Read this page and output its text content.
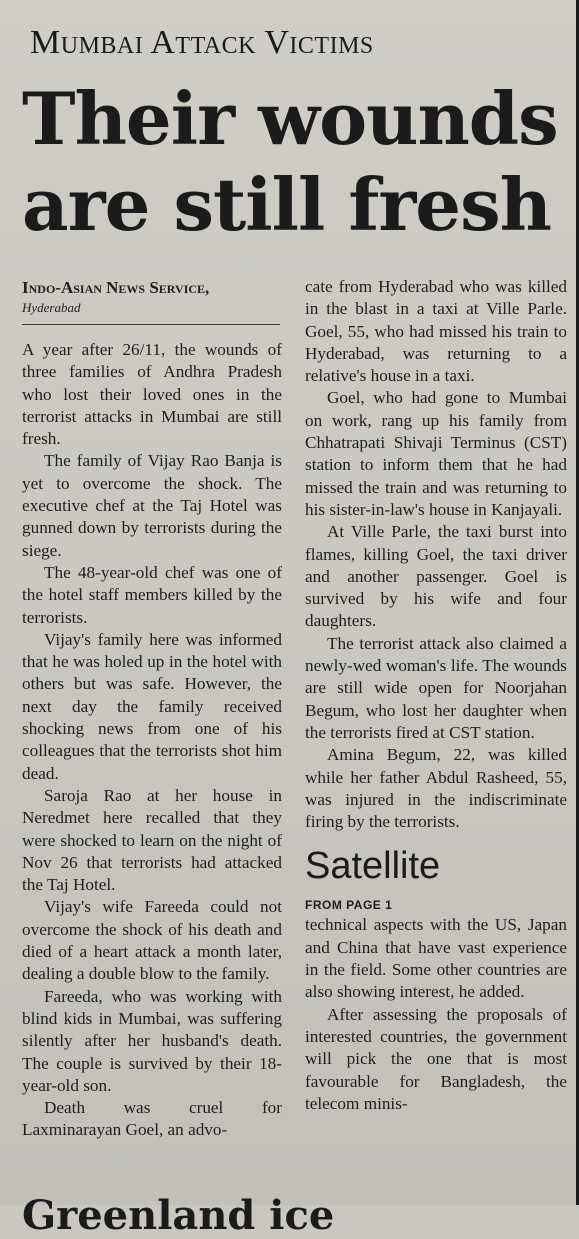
Mumbai Attack Victims
Their wounds are still fresh
Indo-Asian News Service,
Hyderabad

A year after 26/11, the wounds of three families of Andhra Pradesh who lost their loved ones in the terrorist attacks in Mumbai are still fresh.

The family of Vijay Rao Banja is yet to overcome the shock. The executive chef at the Taj Hotel was gunned down by terrorists during the siege.

The 48-year-old chef was one of the hotel staff members killed by the terrorists.

Vijay's family here was informed that he was holed up in the hotel with others but was safe. However, the next day the family received shocking news from one of his colleagues that the terrorists shot him dead.

Saroja Rao at her house in Neredmet here recalled that they were shocked to learn on the night of Nov 26 that terrorists had attacked the Taj Hotel.

Vijay's wife Fareeda could not overcome the shock of his death and died of a heart attack a month later, dealing a double blow to the family.

Fareeda, who was working with blind kids in Mumbai, was suffering silently after her husband's death. The couple is survived by their 18-year-old son.

Death was cruel for Laxminarayan Goel, an advo-

cate from Hyderabad who was killed in the blast in a taxi at Ville Parle. Goel, 55, who had missed his train to Hyderabad, was returning to a relative's house in a taxi.

Goel, who had gone to Mumbai on work, rang up his family from Chhatrapati Shivaji Terminus (CST) station to inform them that he had missed the train and was returning to his sister-in-law's house in Kanjayali.

At Ville Parle, the taxi burst into flames, killing Goel, the taxi driver and another passenger. Goel is survived by his wife and four daughters.

The terrorist attack also claimed a newly-wed woman's life. The wounds are still wide open for Noorjahan Begum, who lost her daughter when the terrorists fired at CST station.

Amina Begum, 22, was killed while her father Abdul Rasheed, 55, was injured in the indiscriminate firing by the terrorists.

Satellite
FROM PAGE 1

technical aspects with the US, Japan and China that have vast experience in the field. Some other countries are also showing interest, he added.

After assessing the proposals of interested countries, the government will pick the one that is most favourable for Bangladesh, the telecom minis-

Greenland ice
